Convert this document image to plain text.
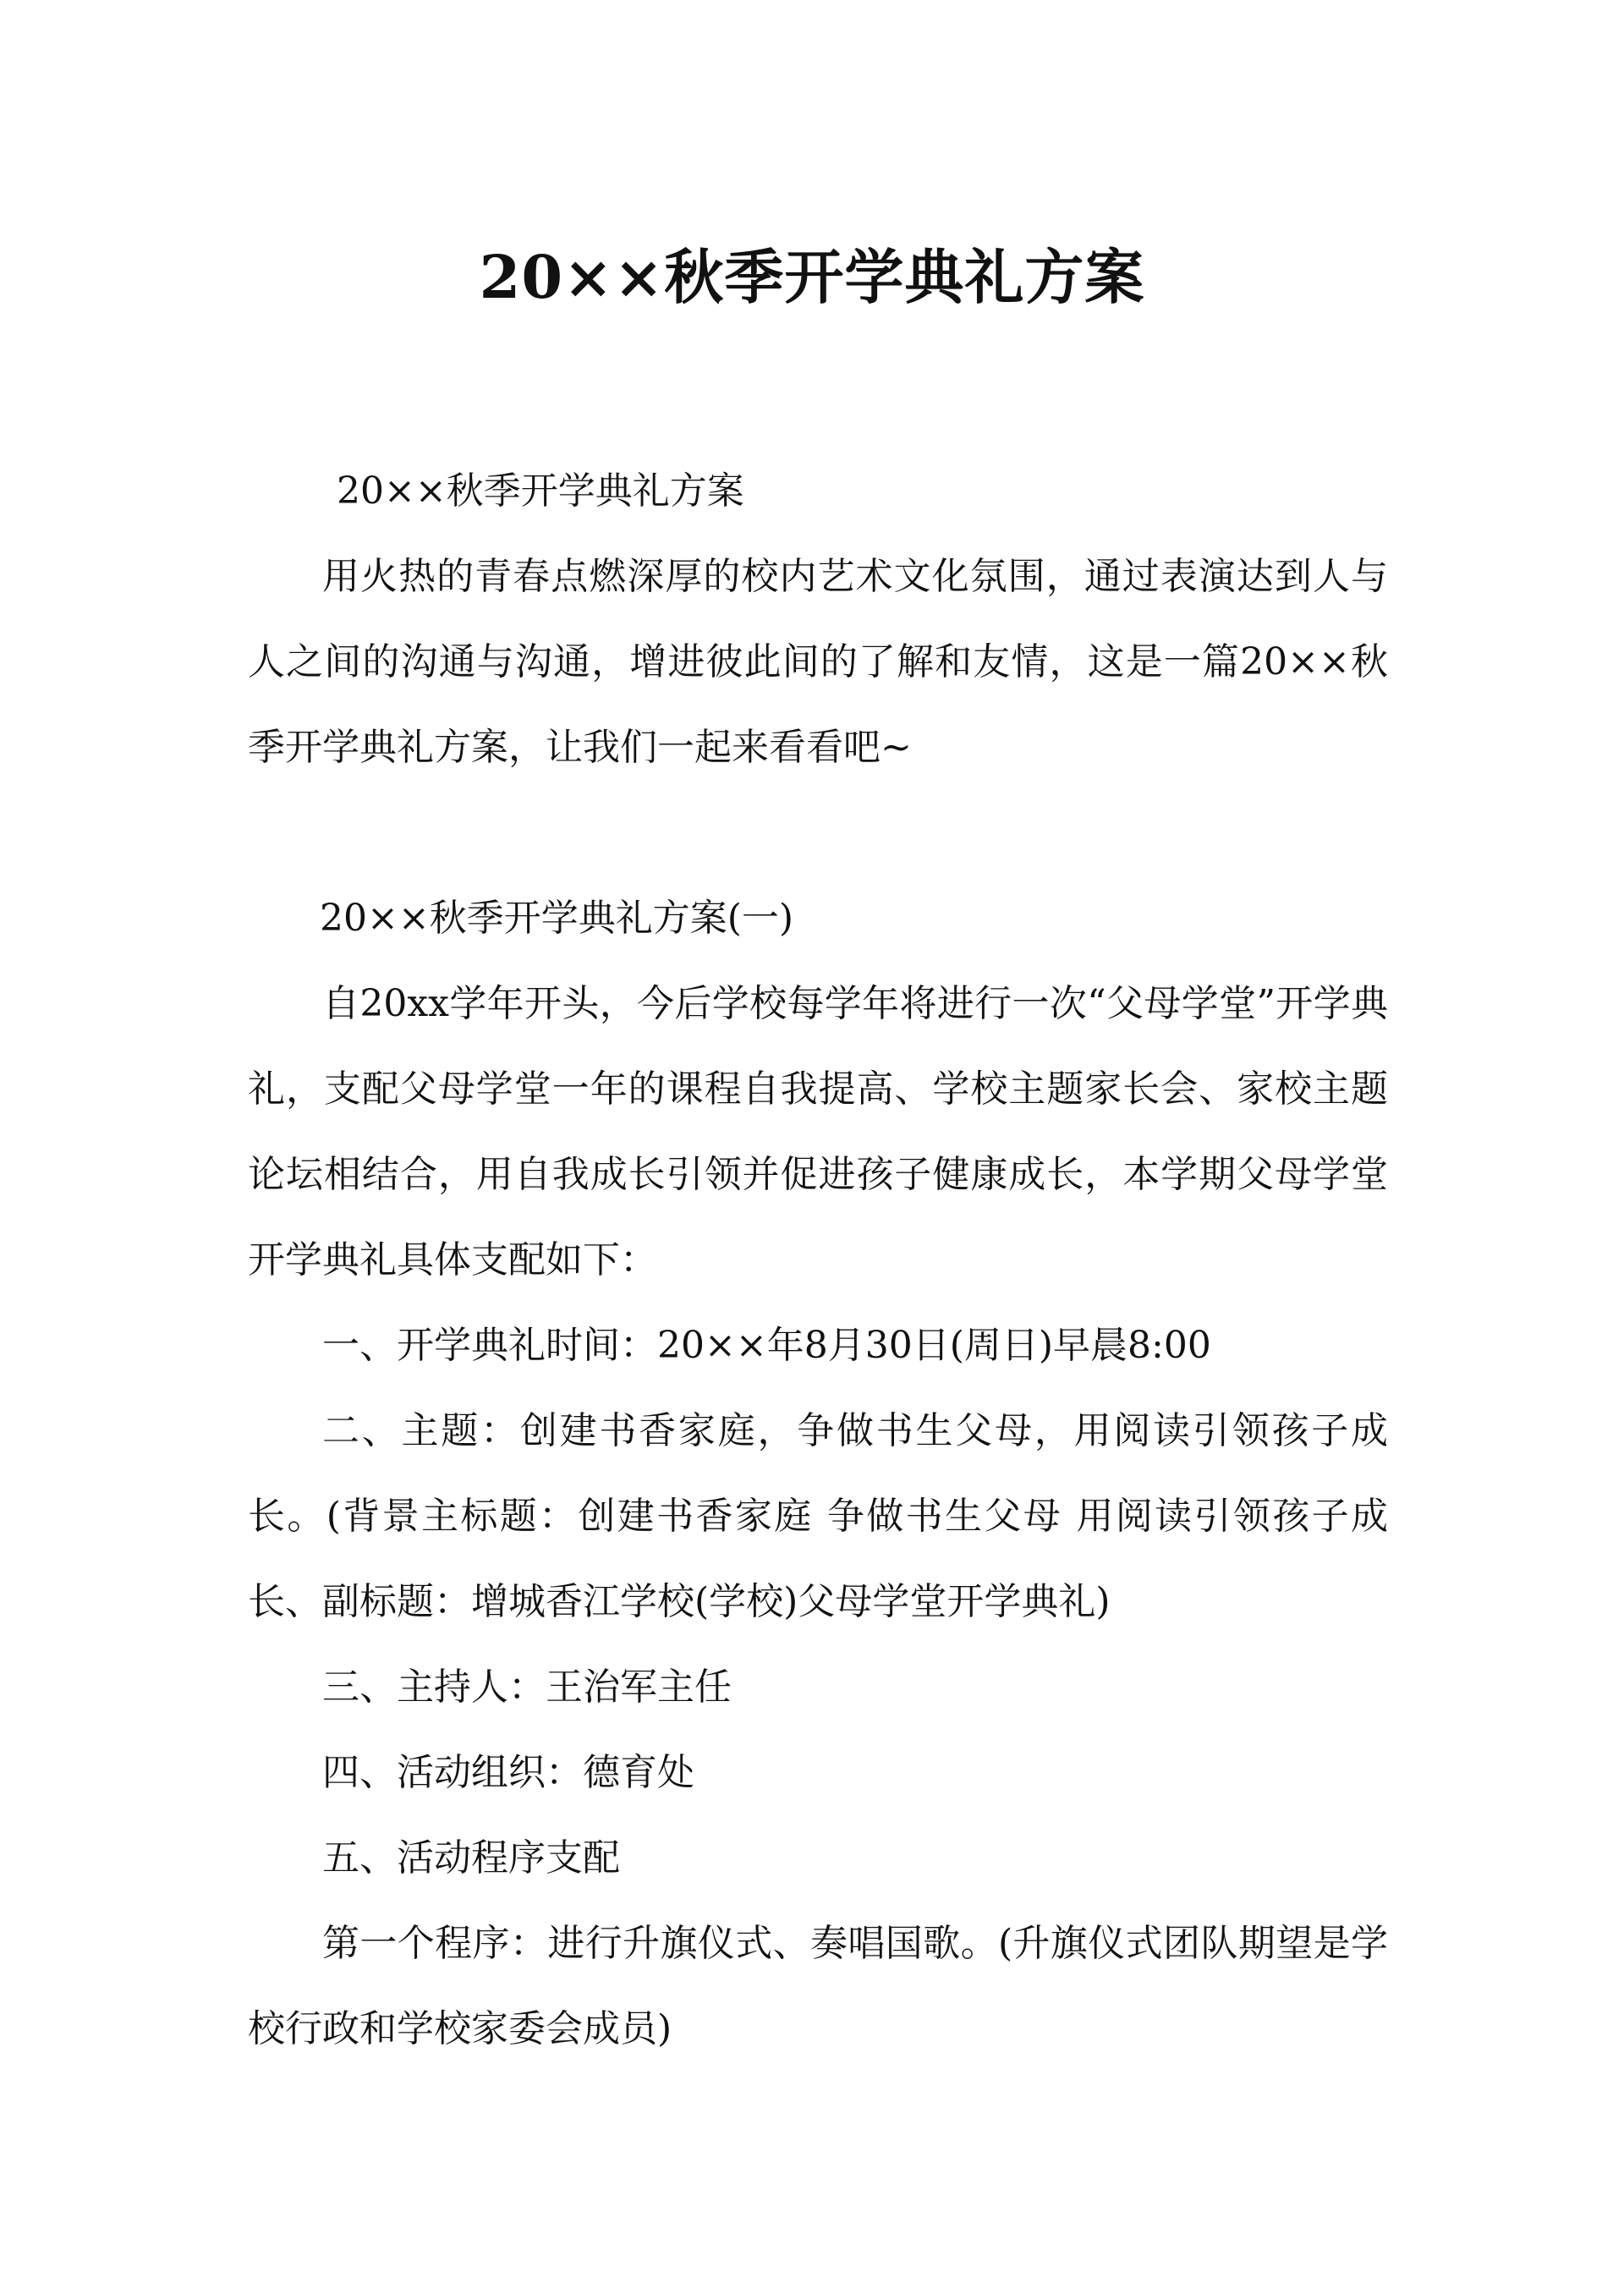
20××秋季开学典礼方案

20××秋季开学典礼方案

用火热的青春点燃深厚的校内艺术文化氛围，通过表演达到人与人之间的沟通与沟通，增进彼此间的了解和友情，这是一篇20××秋季开学典礼方案，让我们一起来看看吧~

20××秋季开学典礼方案(一)

自20xx学年开头，今后学校每学年将进行一次“父母学堂”开学典礼，支配父母学堂一年的课程自我提高、学校主题家长会、家校主题论坛相结合，用自我成长引领并促进孩子健康成长，本学期父母学堂开学典礼具体支配如下：

一、开学典礼时间：20××年8月30日(周日)早晨8:00

二、主题：创建书香家庭，争做书生父母，用阅读引领孩子成长。(背景主标题：创建书香家庭 争做书生父母 用阅读引领孩子成长、副标题：增城香江学校(学校)父母学堂开学典礼)

三、主持人：王治军主任

四、活动组织：德育处

五、活动程序支配

第一个程序：进行升旗仪式、奏唱国歌。(升旗仪式团队期望是学校行政和学校家委会成员)
